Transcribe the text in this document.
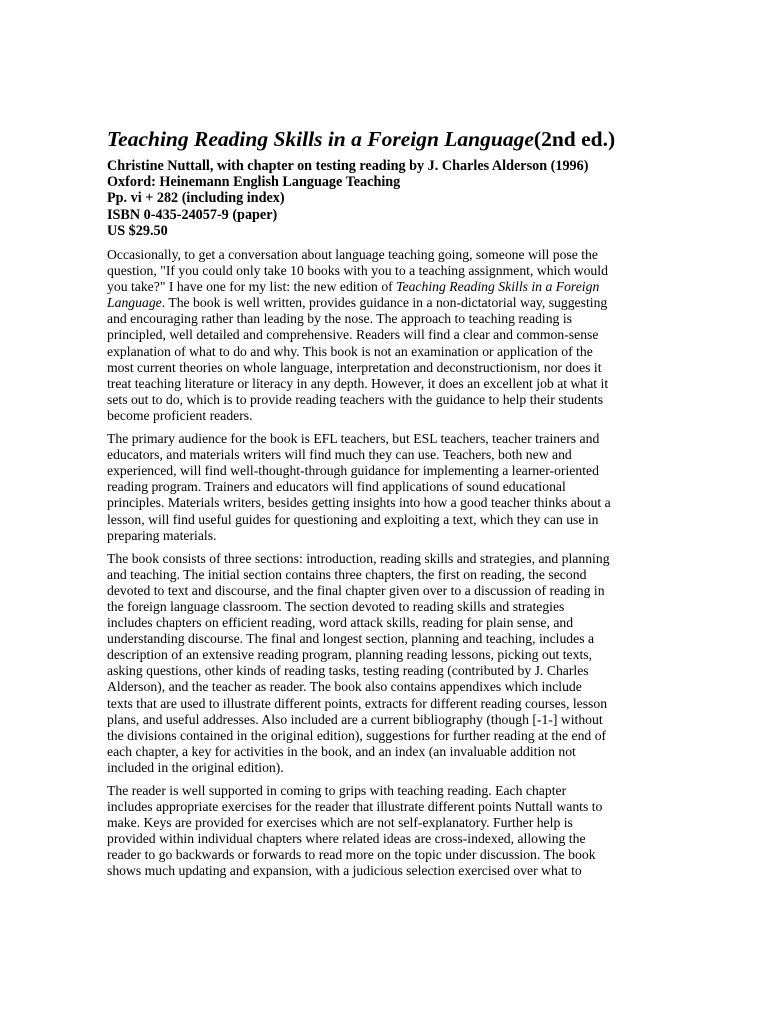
Teaching Reading Skills in a Foreign Language(2nd ed.)
Christine Nuttall, with chapter on testing reading by J. Charles Alderson (1996)
Oxford: Heinemann English Language Teaching
Pp. vi + 282 (including index)
ISBN 0-435-24057-9 (paper)
US $29.50

Occasionally, to get a conversation about language teaching going, someone will pose the
question, "If you could only take 10 books with you to a teaching assignment, which would
you take?" I have one for my list: the new edition of Teaching Reading Skills in a Foreign
Language. The book is well written, provides guidance in a non-dictatorial way, suggesting
and encouraging rather than leading by the nose. The approach to teaching reading is
principled, well detailed and comprehensive. Readers will find a clear and common-sense
explanation of what to do and why. This book is not an examination or application of the
most current theories on whole language, interpretation and deconstructionism, nor does it
treat teaching literature or literacy in any depth. However, it does an excellent job at what it
sets out to do, which is to provide reading teachers with the guidance to help their students
become proficient readers.

The primary audience for the book is EFL teachers, but ESL teachers, teacher trainers and
educators, and materials writers will find much they can use. Teachers, both new and
experienced, will find well-thought-through guidance for implementing a learner-oriented
reading program. Trainers and educators will find applications of sound educational
principles. Materials writers, besides getting insights into how a good teacher thinks about a
lesson, will find useful guides for questioning and exploiting a text, which they can use in
preparing materials.

The book consists of three sections: introduction, reading skills and strategies, and planning
and teaching. The initial section contains three chapters, the first on reading, the second
devoted to text and discourse, and the final chapter given over to a discussion of reading in
the foreign language classroom. The section devoted to reading skills and strategies
includes chapters on efficient reading, word attack skills, reading for plain sense, and
understanding discourse. The final and longest section, planning and teaching, includes a
description of an extensive reading program, planning reading lessons, picking out texts,
asking questions, other kinds of reading tasks, testing reading (contributed by J. Charles
Alderson), and the teacher as reader. The book also contains appendixes which include
texts that are used to illustrate different points, extracts for different reading courses, lesson
plans, and useful addresses. Also included are a current bibliography (though [-1-] without
the divisions contained in the original edition), suggestions for further reading at the end of
each chapter, a key for activities in the book, and an index (an invaluable addition not
included in the original edition).

The reader is well supported in coming to grips with teaching reading. Each chapter
includes appropriate exercises for the reader that illustrate different points Nuttall wants to
make. Keys are provided for exercises which are not self-explanatory. Further help is
provided within individual chapters where related ideas are cross-indexed, allowing the
reader to go backwards or forwards to read more on the topic under discussion. The book
shows much updating and expansion, with a judicious selection exercised over what to
